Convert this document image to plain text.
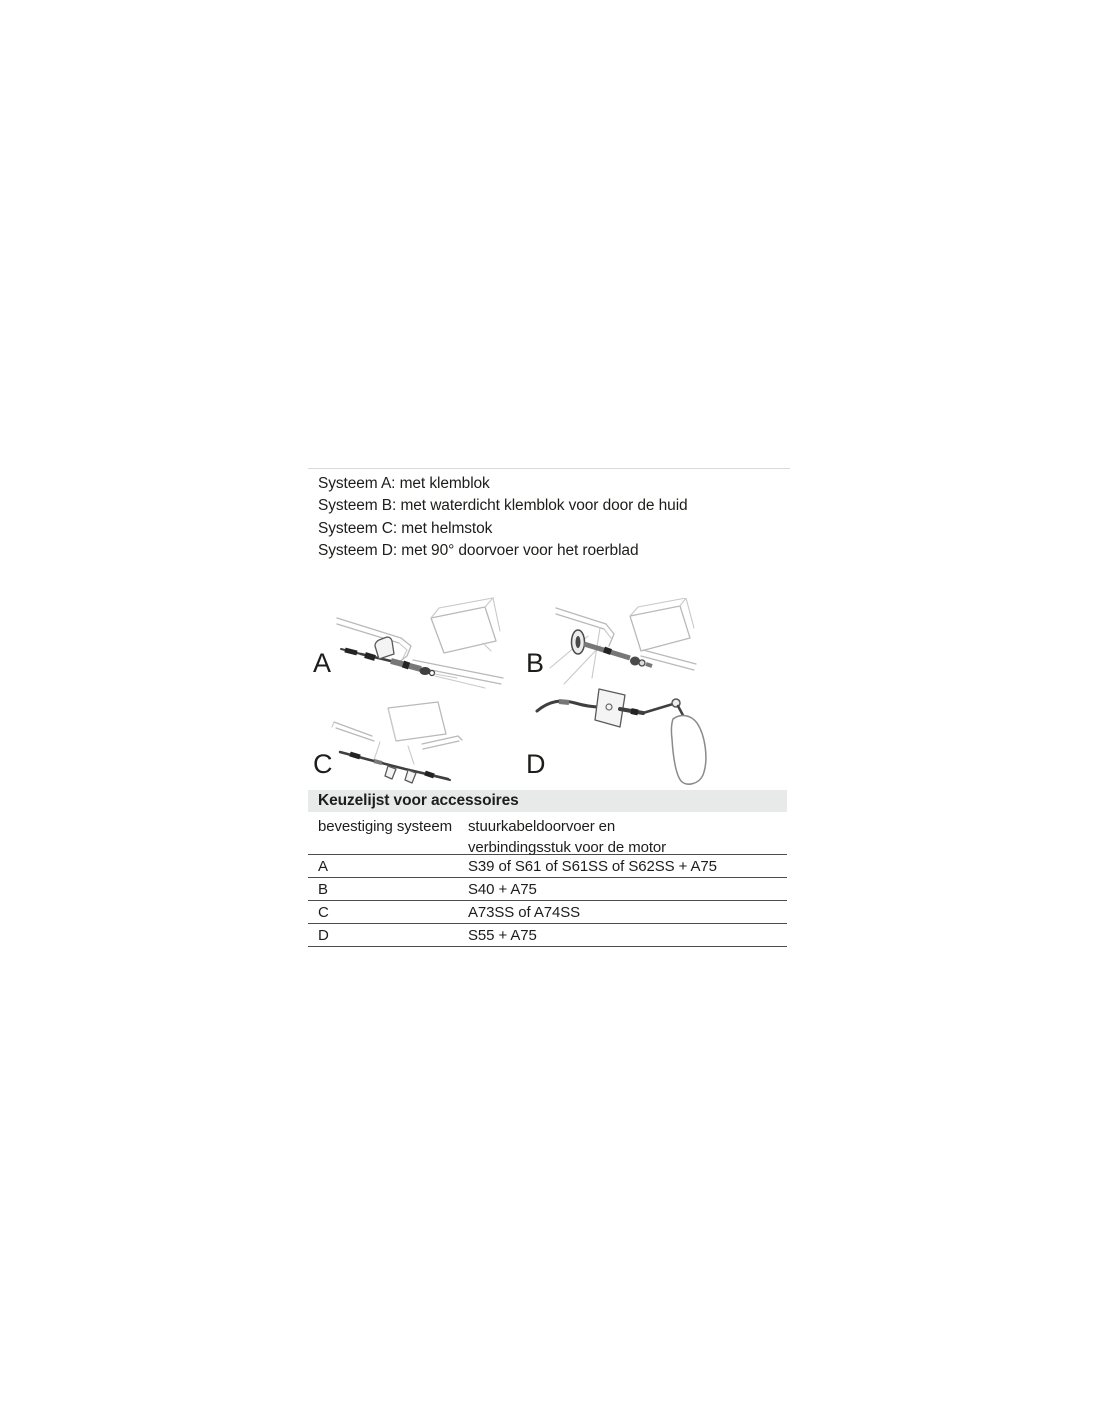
Systeem A: met klemblok
Systeem B: met waterdicht klemblok voor door de huid
Systeem C: met helmstok
Systeem D: met 90° doorvoer voor het roerblad
A	B
C	D
Keuzelijst voor accessoires
bevestiging systeem	stuurkabeldoorvoer en
verbindingsstuk voor de motor
A	S39 of S61 of S61SS of S62SS + A75
B	S40 + A75
C	A73SS of A74SS
D	S55 + A75
